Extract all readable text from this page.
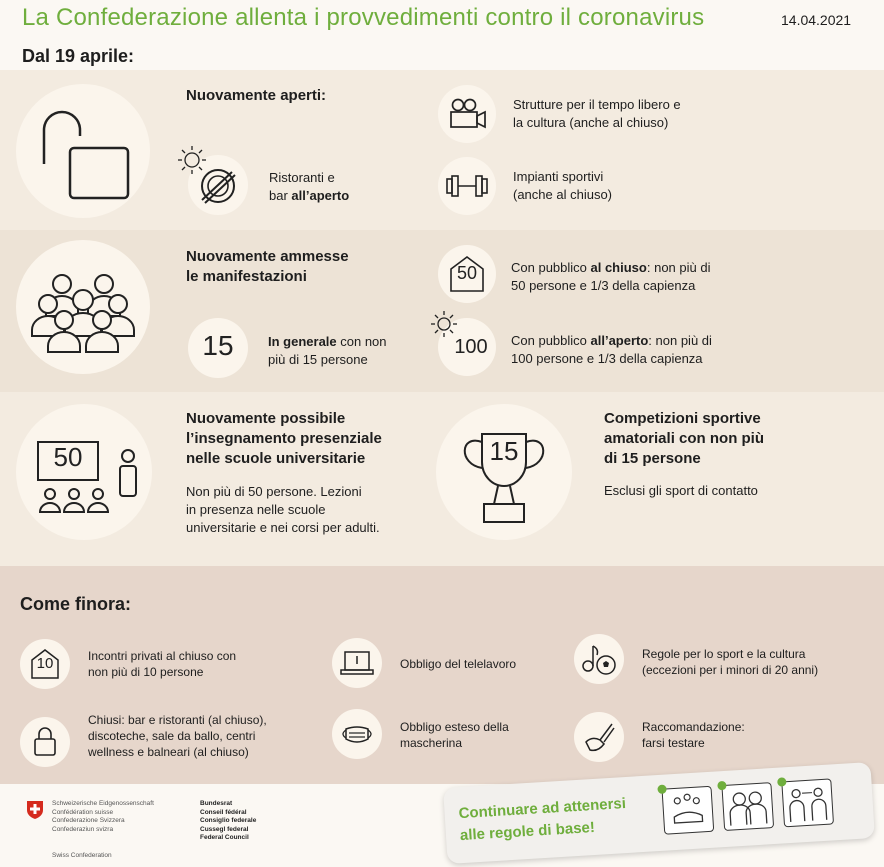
La Confederazione allenta i provvedimenti contro il coronavirus	14.04.2021
Dal 19 aprile:
Nuovamente aperti:
Ristoranti e
bar all’aperto
Strutture per il tempo libero e
la cultura (anche al chiuso)
Impianti sportivi
(anche al chiuso)
Nuovamente ammesse
le manifestazioni
15	In generale con non
più di 15 persone
50	Con pubblico al chiuso: non più di
50 persone e 1/3 della capienza
100	Con pubblico all’aperto: non più di
100 persone e 1/3 della capienza
50
Nuovamente possibile
l’insegnamento presenziale
nelle scuole universitarie
Non più di 50 persone. Lezioni
in presenza nelle scuole
universitarie e nei corsi per adulti.
15
Competizioni sportive
amatoriali con non più
di 15 persone
Esclusi gli sport di contatto
Come finora:
10	Incontri privati al chiuso con
non più di 10 persone
Obbligo del telelavoro
Regole per lo sport e la cultura
(eccezioni per i minori di 20 anni)
Chiusi: bar e ristoranti (al chiuso),
discoteche, sale da ballo, centri
wellness e balneari (al chiuso)
Obbligo esteso della
mascherina
Raccomandazione:
farsi testare
Schweizerische Eidgenossenschaft
Confédération suisse
Confederazione Svizzera
Confederaziun svizra
Swiss Confederation
Bundesrat
Conseil fédéral
Consiglio federale
Cussegl federal
Federal Council
Continuare ad attenersi
alle regole di base!
